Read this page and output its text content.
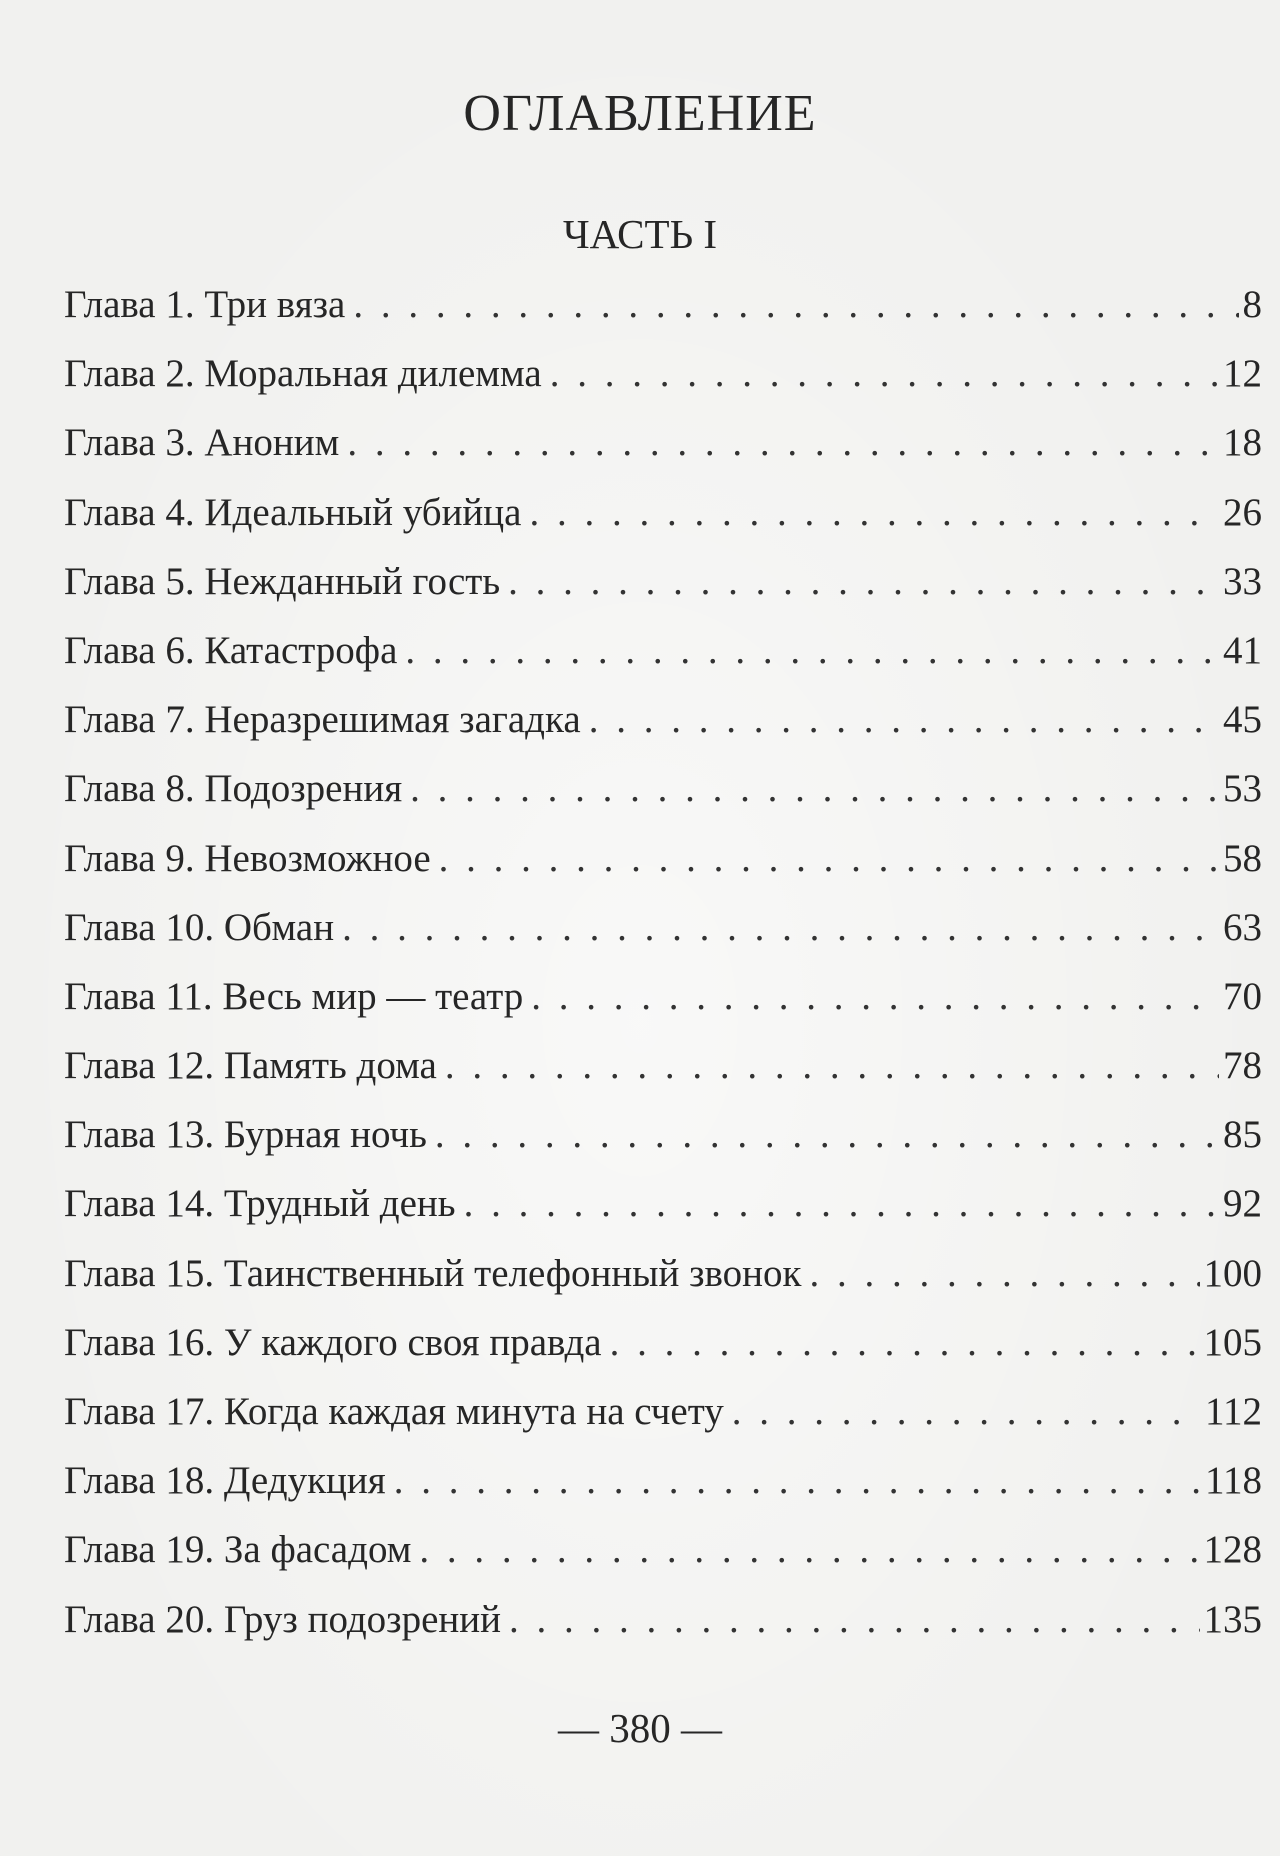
ОГЛАВЛЕНИЕ
ЧАСТЬ I
Глава 1. Три вяза . . .	8
Глава 2. Моральная дилемма . . .	12
Глава 3. Аноним . . .	18
Глава 4. Идеальный убийца . . .	26
Глава 5. Нежданный гость . . .	33
Глава 6. Катастрофа . . .	41
Глава 7. Неразрешимая загадка . . .	45
Глава 8. Подозрения . . .	53
Глава 9. Невозможное . . .	58
Глава 10. Обман . . .	63
Глава 11. Весь мир — театр . . .	70
Глава 12. Память дома . . .	78
Глава 13. Бурная ночь . . .	85
Глава 14. Трудный день . . .	92
Глава 15. Таинственный телефонный звонок . . .	100
Глава 16. У каждого своя правда . . .	105
Глава 17. Когда каждая минута на счету . . .	112
Глава 18. Дедукция . . .	118
Глава 19. За фасадом . . .	128
Глава 20. Груз подозрений . . .	135
— 380 —
